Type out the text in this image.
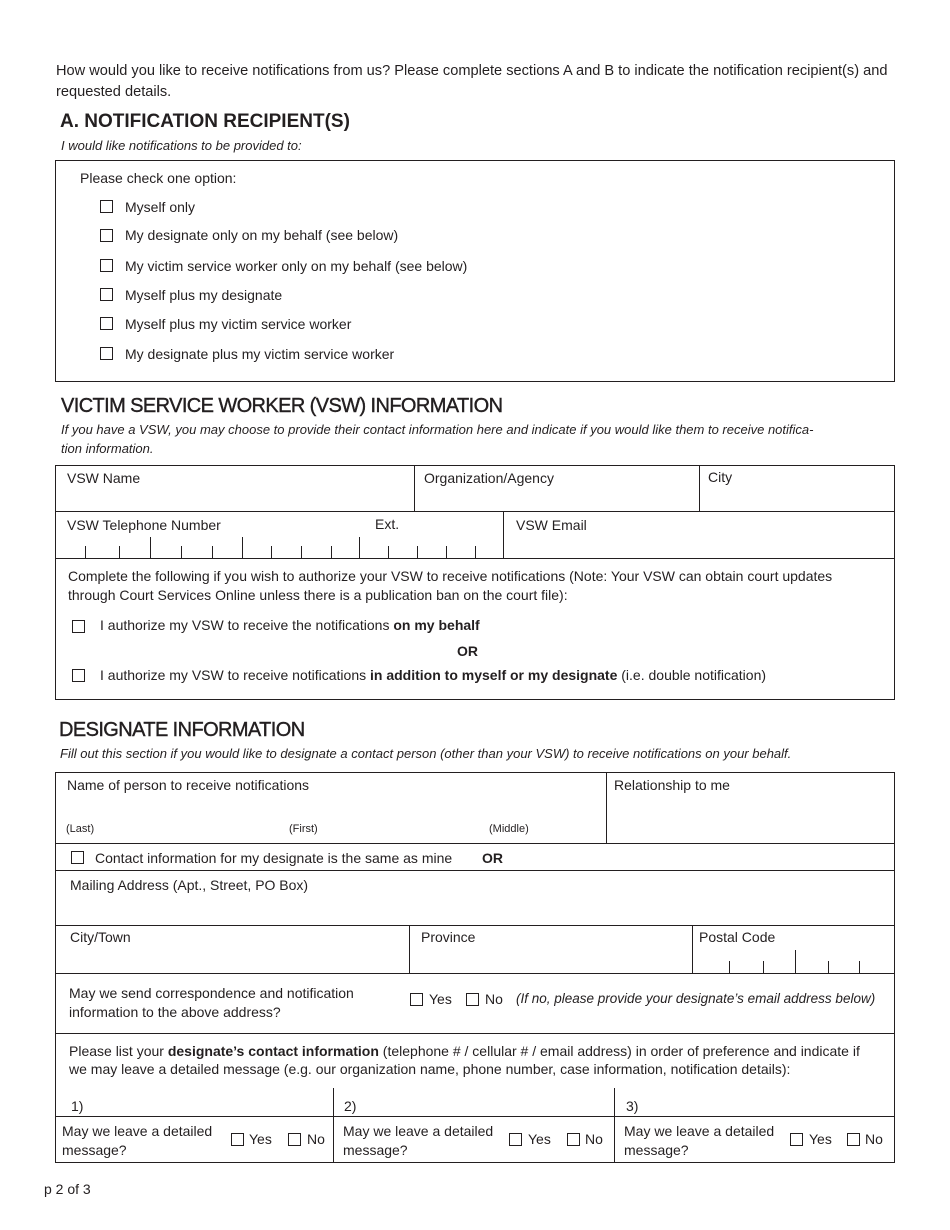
How would you like to receive notifications from us? Please complete sections A and B to indicate the notification recipient(s) and requested details.
A. NOTIFICATION RECIPIENT(S)
I would like notifications to be provided to:
Please check one option:
Myself only
My designate only on my behalf (see below)
My victim service worker only on my behalf (see below)
Myself plus my designate
Myself plus my victim service worker
My designate plus my victim service worker
VICTIM SERVICE WORKER (VSW) INFORMATION
If you have a VSW, you may choose to provide their contact information here and indicate if you would like them to receive notifica-
tion information.
VSW Name	Organization/Agency	City
VSW Telephone Number	Ext.	VSW Email
Complete the following if you wish to authorize your VSW to receive notifications (Note: Your VSW can obtain court updates
through Court Services Online unless there is a publication ban on the court file):
I authorize my VSW to receive the notifications on my behalf
OR
I authorize my VSW to receive notifications in addition to myself or my designate (i.e. double notification)
DESIGNATE INFORMATION
Fill out this section if you would like to designate a contact person (other than your VSW) to receive notifications on your behalf.
Name of person to receive notifications
(Last)	(First)	(Middle)
Relationship to me
Contact information for my designate is the same as mine OR
Mailing Address (Apt., Street, PO Box)
City/Town	Province	Postal Code
May we send correspondence and notification
information to the above address?
Yes No (If no, please provide your designate’s email address below)
Please list your designate’s contact information (telephone # / cellular # / email address) in order of preference and indicate if
we may leave a detailed message (e.g. our organization name, phone number, case information, notification details):
1)
May we leave a detailed
message?
Yes	No
2)
May we leave a detailed
message?
Yes No
3)
May we leave a detailed
message?
Yes No
p 2 of 3
